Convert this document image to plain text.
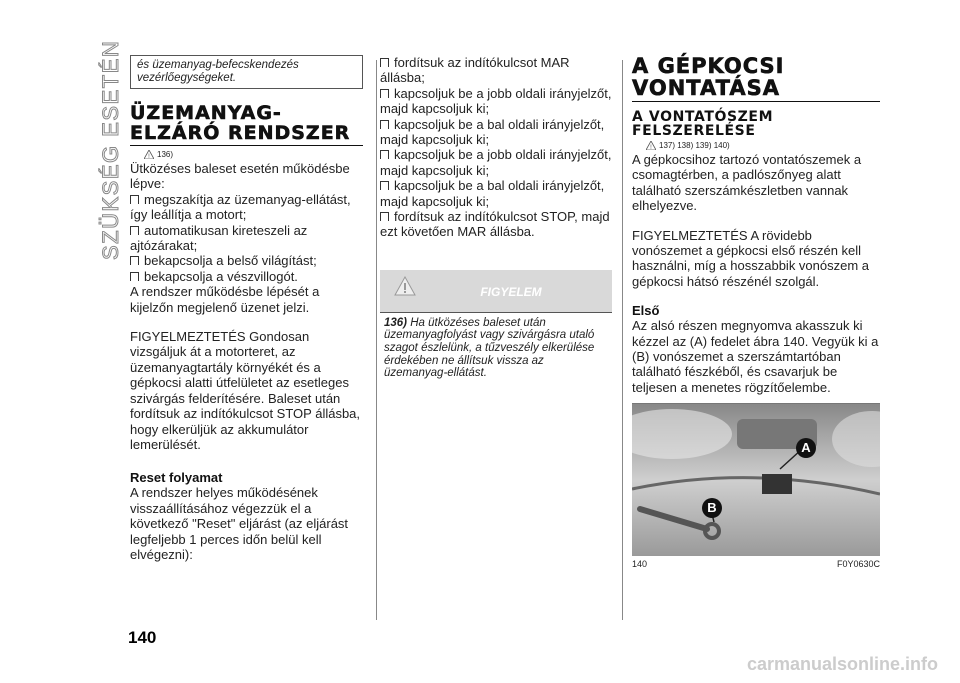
SZÜKSÉG ESETÉN	és üzemanyag-befecskendezés vezérlőegységeket.
ÜZEMANYAG-
ELZÁRÓ RENDSZER
! 136)

Ütközéses baleset esetén működésbe lépve:

megszakítja az üzemanyag-ellátást, így leállítja a motort;

automatikusan kireteszeli az ajtózárakat;

bekapcsolja a belső világítást;

bekapcsolja a vészvillogót.

A rendszer működésbe lépését a kijelzőn megjelenő üzenet jelzi.

FIGYELMEZTETÉS Gondosan vizsgáljuk át a motorteret, az üzemanyagtartály környékét és a gépkocsi alatti útfelületet az esetleges szivárgás felderítésére. Baleset után fordítsuk az indítókulcsot STOP állásba, hogy elkerüljük az akkumulátor lemerülését.

Reset folyamat

A rendszer helyes működésének visszaállításához végezzük el a következő "Reset" eljárást (az eljárást legfeljebb 1 perces időn belül kell elvégezni):

fordítsuk az indítókulcsot MAR állásba;

kapcsoljuk be a jobb oldali irányjelzőt, majd kapcsoljuk ki;

kapcsoljuk be a bal oldali irányjelzőt, majd kapcsoljuk ki;

kapcsoljuk be a jobb oldali irányjelzőt, majd kapcsoljuk ki;

kapcsoljuk be a bal oldali irányjelzőt, majd kapcsoljuk ki;

fordítsuk az indítókulcsot STOP, majd ezt követően MAR állásba.

FIGYELEM
136) Ha ütközéses baleset után üzemanyagfolyást vagy szivárgásra utaló szagot észlelünk, a tűzveszély elkerülése érdekében ne állítsuk vissza az üzemanyag-ellátást.
A GÉPKOCSI
VONTATÁSA
A VONTATÓSZEM
FELSZERELÉSE
! 137) 138) 139) 140)

A gépkocsihoz tartozó vontatószemek a csomagtérben, a padlószőnyeg alatt található szerszámkészletben vannak elhelyezve.

FIGYELMEZTETÉS A rövidebb vonószemet a gépkocsi első részén kell használni, míg a hosszabbik vonószem a gépkocsi hátsó részénél szolgál.

Első

Az alsó részen megnyomva akasszuk ki kézzel az (A) fedelet ábra 140. Vegyük ki a (B) vonószemet a szerszámtartóban található fészkéből, és csavarjuk be teljesen a menetes rögzítőelembe.

A
B
140	F0Y0630C
140
carmanualsonline.info
